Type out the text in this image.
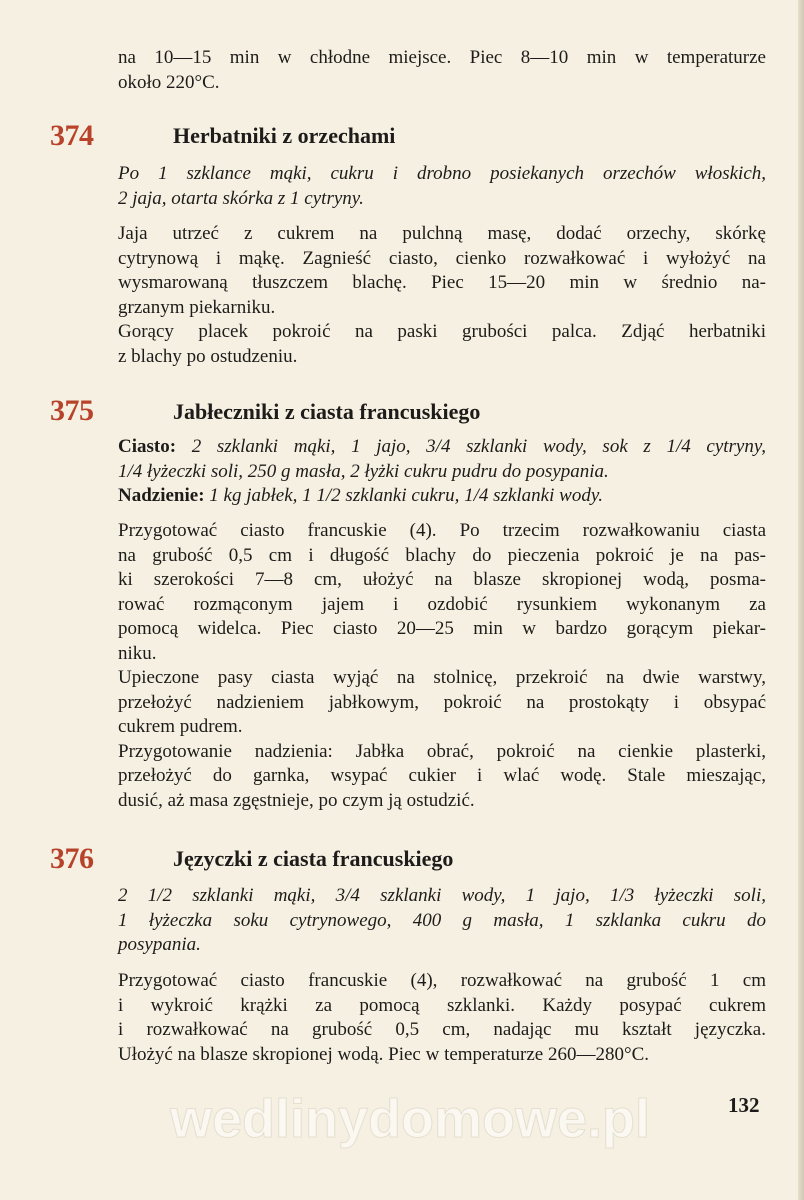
na 10—15 min w chłodne miejsce. Piec 8—10 min w temperaturze

około 220°C.

374	Herbatniki z orzechami

Po 1 szklance mąki, cukru i drobno posiekanych orzechów włoskich,

2 jaja, otarta skórka z 1 cytryny.

Jaja utrzeć z cukrem na pulchną masę, dodać orzechy, skórkę

cytrynową i mąkę. Zagnieść ciasto, cienko rozwałkować i wyłożyć na

wysmarowaną tłuszczem blachę. Piec 15—20 min w średnio na-

grzanym piekarniku.

Gorący placek pokroić na paski grubości palca. Zdjąć herbatniki

z blachy po ostudzeniu.

375	Jabłeczniki z ciasta francuskiego

Ciasto: 2 szklanki mąki, 1 jajo, 3/4 szklanki wody, sok z 1/4 cytryny,

1/4 łyżeczki soli, 250 g masła, 2 łyżki cukru pudru do posypania.

Nadzienie: 1 kg jabłek, 1 1/2 szklanki cukru, 1/4 szklanki wody.

Przygotować ciasto francuskie (4). Po trzecim rozwałkowaniu ciasta

na grubość 0,5 cm i długość blachy do pieczenia pokroić je na pas-

ki szerokości 7—8 cm, ułożyć na blasze skropionej wodą, posma-

rować rozmąconym jajem i ozdobić rysunkiem wykonanym za

pomocą widelca. Piec ciasto 20—25 min w bardzo gorącym piekar-

niku.

Upieczone pasy ciasta wyjąć na stolnicę, przekroić na dwie warstwy,

przełożyć nadzieniem jabłkowym, pokroić na prostokąty i obsypać

cukrem pudrem.

Przygotowanie nadzienia: Jabłka obrać, pokroić na cienkie plasterki,

przełożyć do garnka, wsypać cukier i wlać wodę. Stale mieszając,

dusić, aż masa zgęstnieje, po czym ją ostudzić.

376	Języczki z ciasta francuskiego

2 1/2 szklanki mąki, 3/4 szklanki wody, 1 jajo, 1/3 łyżeczki soli,

1 łyżeczka soku cytrynowego, 400 g masła, 1 szklanka cukru do

posypania.

Przygotować ciasto francuskie (4), rozwałkować na grubość 1 cm

i wykroić krążki za pomocą szklanki. Każdy posypać cukrem

i rozwałkować na grubość 0,5 cm, nadając mu kształt języczka.

Ułożyć na blasze skropionej wodą. Piec w temperaturze 260—280°C.

wedlinydomowe.pl	132
